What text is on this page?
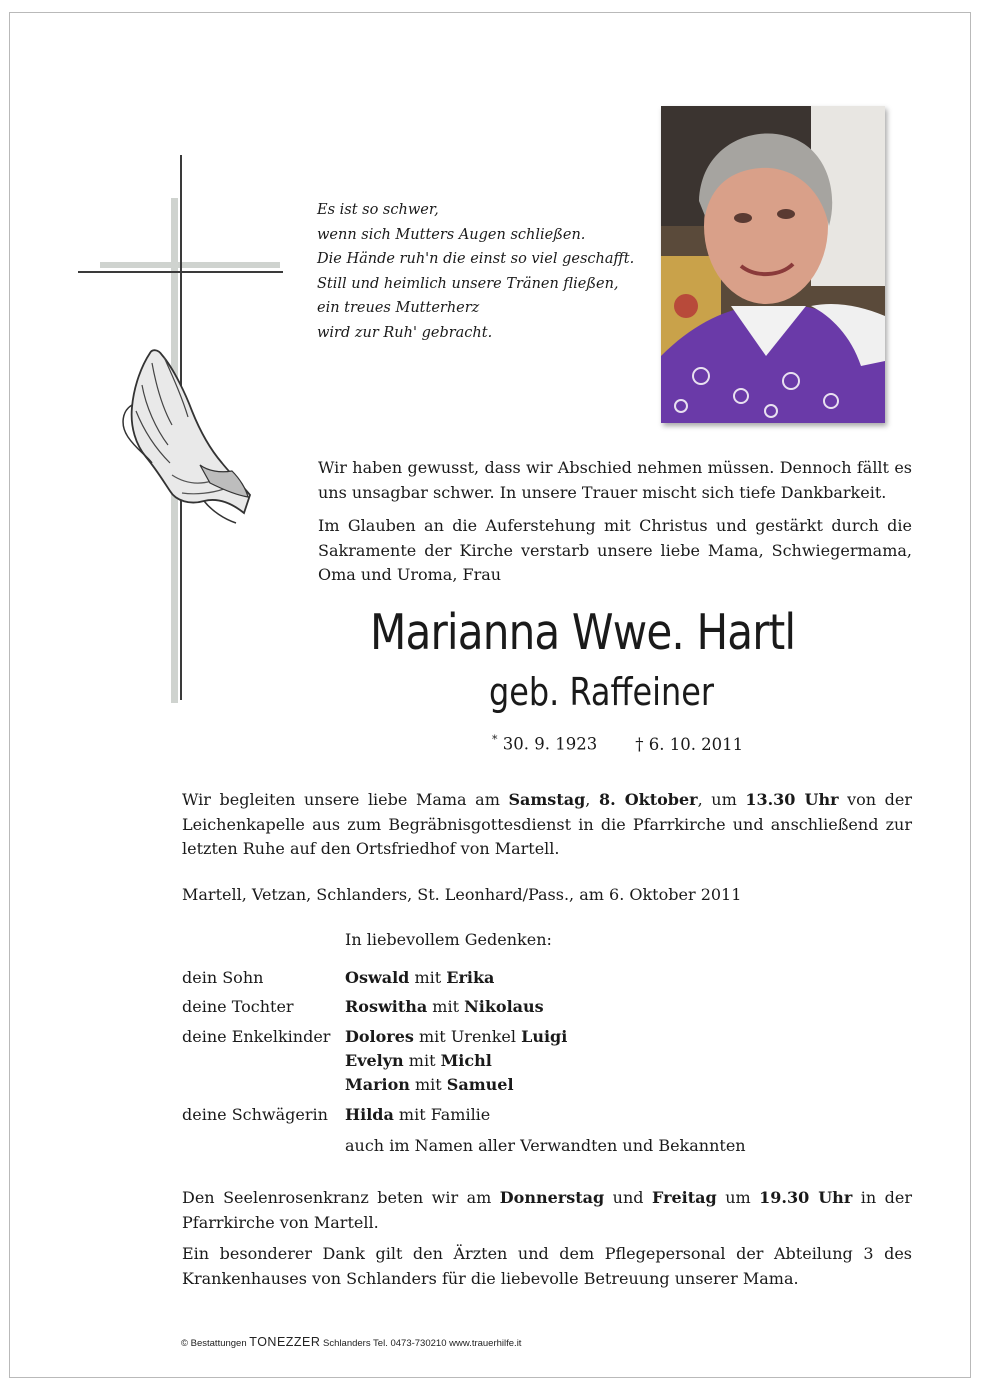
Es ist so schwer,
wenn sich Mutters Augen schließen.
Die Hände ruh'n die einst so viel geschafft.
Still und heimlich unsere Tränen fließen,
ein treues Mutterherz
wird zur Ruh' gebracht.

Wir haben gewusst, dass wir Abschied nehmen müssen. Dennoch fällt es uns unsagbar schwer. In unsere Trauer mischt sich tiefe Dankbarkeit.

Im Glauben an die Auferstehung mit Christus und gestärkt durch die Sakramente der Kirche verstarb unsere liebe Mama, Schwiegermama, Oma und Uroma, Frau

Marianna Wwe. Hartl
geb. Raffeiner
* 30. 9. 1923 † 6. 10. 2011

Wir begleiten unsere liebe Mama am Samstag, 8. Oktober, um 13.30 Uhr von der Leichenkapelle aus zum Begräbnisgottesdienst in die Pfarrkirche und anschließend zur letzten Ruhe auf den Ortsfriedhof von Martell.

Martell, Vetzan, Schlanders, St. Leonhard/Pass., am 6. Oktober 2011
In liebevollem Gedenken:
dein Sohn	Oswald mit Erika
deine Tochter	Roswitha mit Nikolaus
deine Enkelkinder Dolores mit Urenkel Luigi
Evelyn mit Michl
Marion mit Samuel
deine Schwägerin Hilda mit Familie
auch im Namen aller Verwandten und Bekannten

Den Seelenrosenkranz beten wir am Donnerstag und Freitag um 19.30 Uhr in der Pfarrkirche von Martell.

Ein besonderer Dank gilt den Ärzten und dem Pflegepersonal der Abteilung 3 des Krankenhauses von Schlanders für die liebevolle Betreuung unserer Mama.

© Bestattungen TONEZZER Schlanders Tel. 0473-730210 www.trauerhilfe.it
